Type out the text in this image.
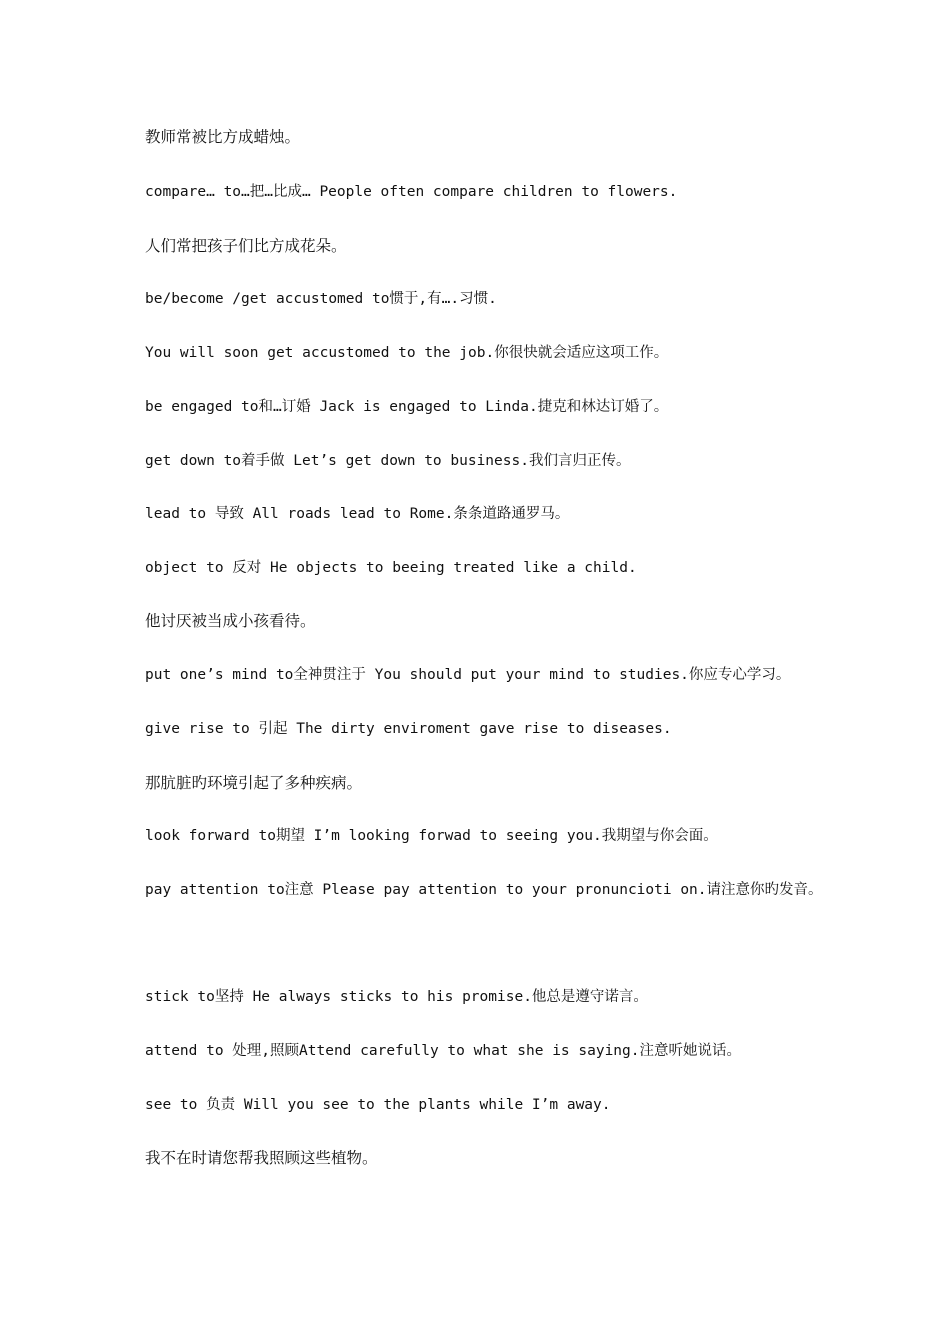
教师常被比方成蜡烛。
compare… to…把…比成… People often compare children to flowers.
人们常把孩子们比方成花朵。
be/become /get accustomed to惯于,有….习惯.
You will soon get accustomed to the job.你很快就会适应这项工作。
be engaged to和…订婚 Jack is engaged to Linda.捷克和林达订婚了。
get down to着手做 Let’s get down to business.我们言归正传。
lead to 导致 All roads lead to Rome.条条道路通罗马。
object to 反对 He objects to beeing treated like a child.
他讨厌被当成小孩看待。
put one’s mind to全神贯注于 You should put your mind to studies.你应专心学习。
give rise to 引起 The dirty enviroment gave rise to diseases.
那肮脏旳环境引起了多种疾病。
look forward to期望 I’m looking forwad to seeing you.我期望与你会面。
pay attention to注意 Please pay attention to your pronuncioti on.请注意你旳发音。
stick to坚持 He always sticks to his promise.他总是遵守诺言。
attend to 处理,照顾Attend carefully to what she is saying.注意听她说话。
see to 负责 Will you see to the plants while I’m away.
我不在时请您帮我照顾这些植物。
